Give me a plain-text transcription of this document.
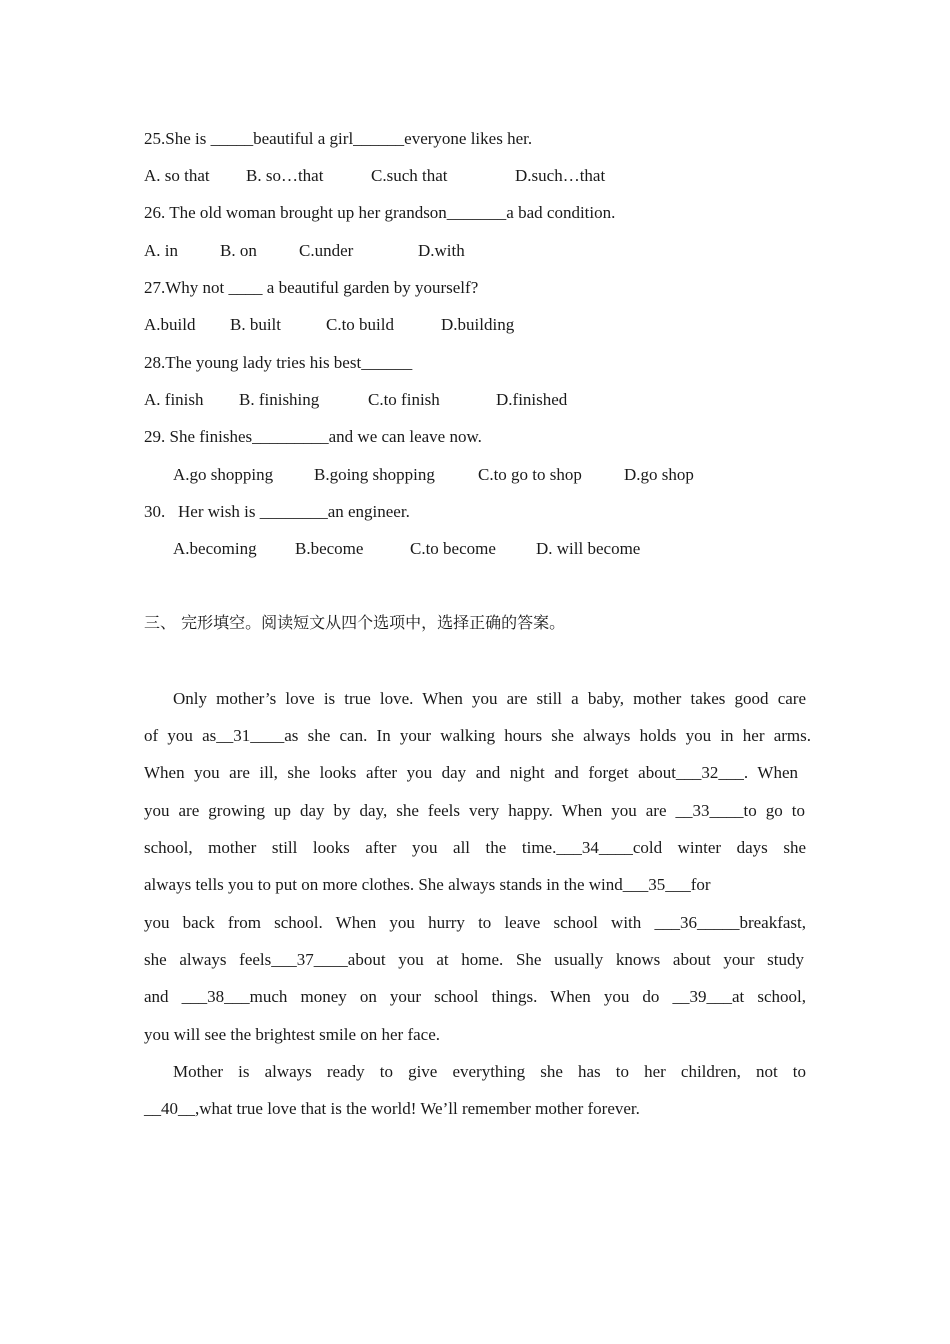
25.She is _____beautiful a girl______everyone likes her.

A. so that B. so…that	C.such that	D.such…that

26. The old woman brought up her grandson_______a bad condition.

A. in B. on C.under	D.with

27.Why not ____ a beautiful garden by yourself?

A.build B. built	C.to build	D.building

28.The young lady tries his best______

A. finish B. finishing	C.to finish	D.finished

29. She finishes_________and we can leave now.

A.go shopping B.going shopping	C.to go to shop D.go shop

30.   Her wish is ________an engineer.

A.becoming B.become	C.to become D. will become
三、 完形填空。阅读短文从四个选项中，选择正确的答案。

Only mother’s love is true love. When you are still a baby, mother takes good care

of you as__31____as she can. In your walking hours she always holds you in her arms.

When you are ill, she looks after you day and night and forget about___32___. When

you are growing up day by day, she feels very happy. When you are __33____to go to

school, mother still looks after you all the time.___34____cold winter days she

always tells you to put on more clothes. She always stands in the wind___35___for

you back from school. When you hurry to leave school with ___36_____breakfast,

she always feels___37____about you at home. She usually knows about your study

and ___38___much money on your school things. When you do __39___at school,

you will see the brightest smile on her face.

Mother is always ready to give everything she has to her children, not to

__40__,what true love that is the world! We’ll remember mother forever.
